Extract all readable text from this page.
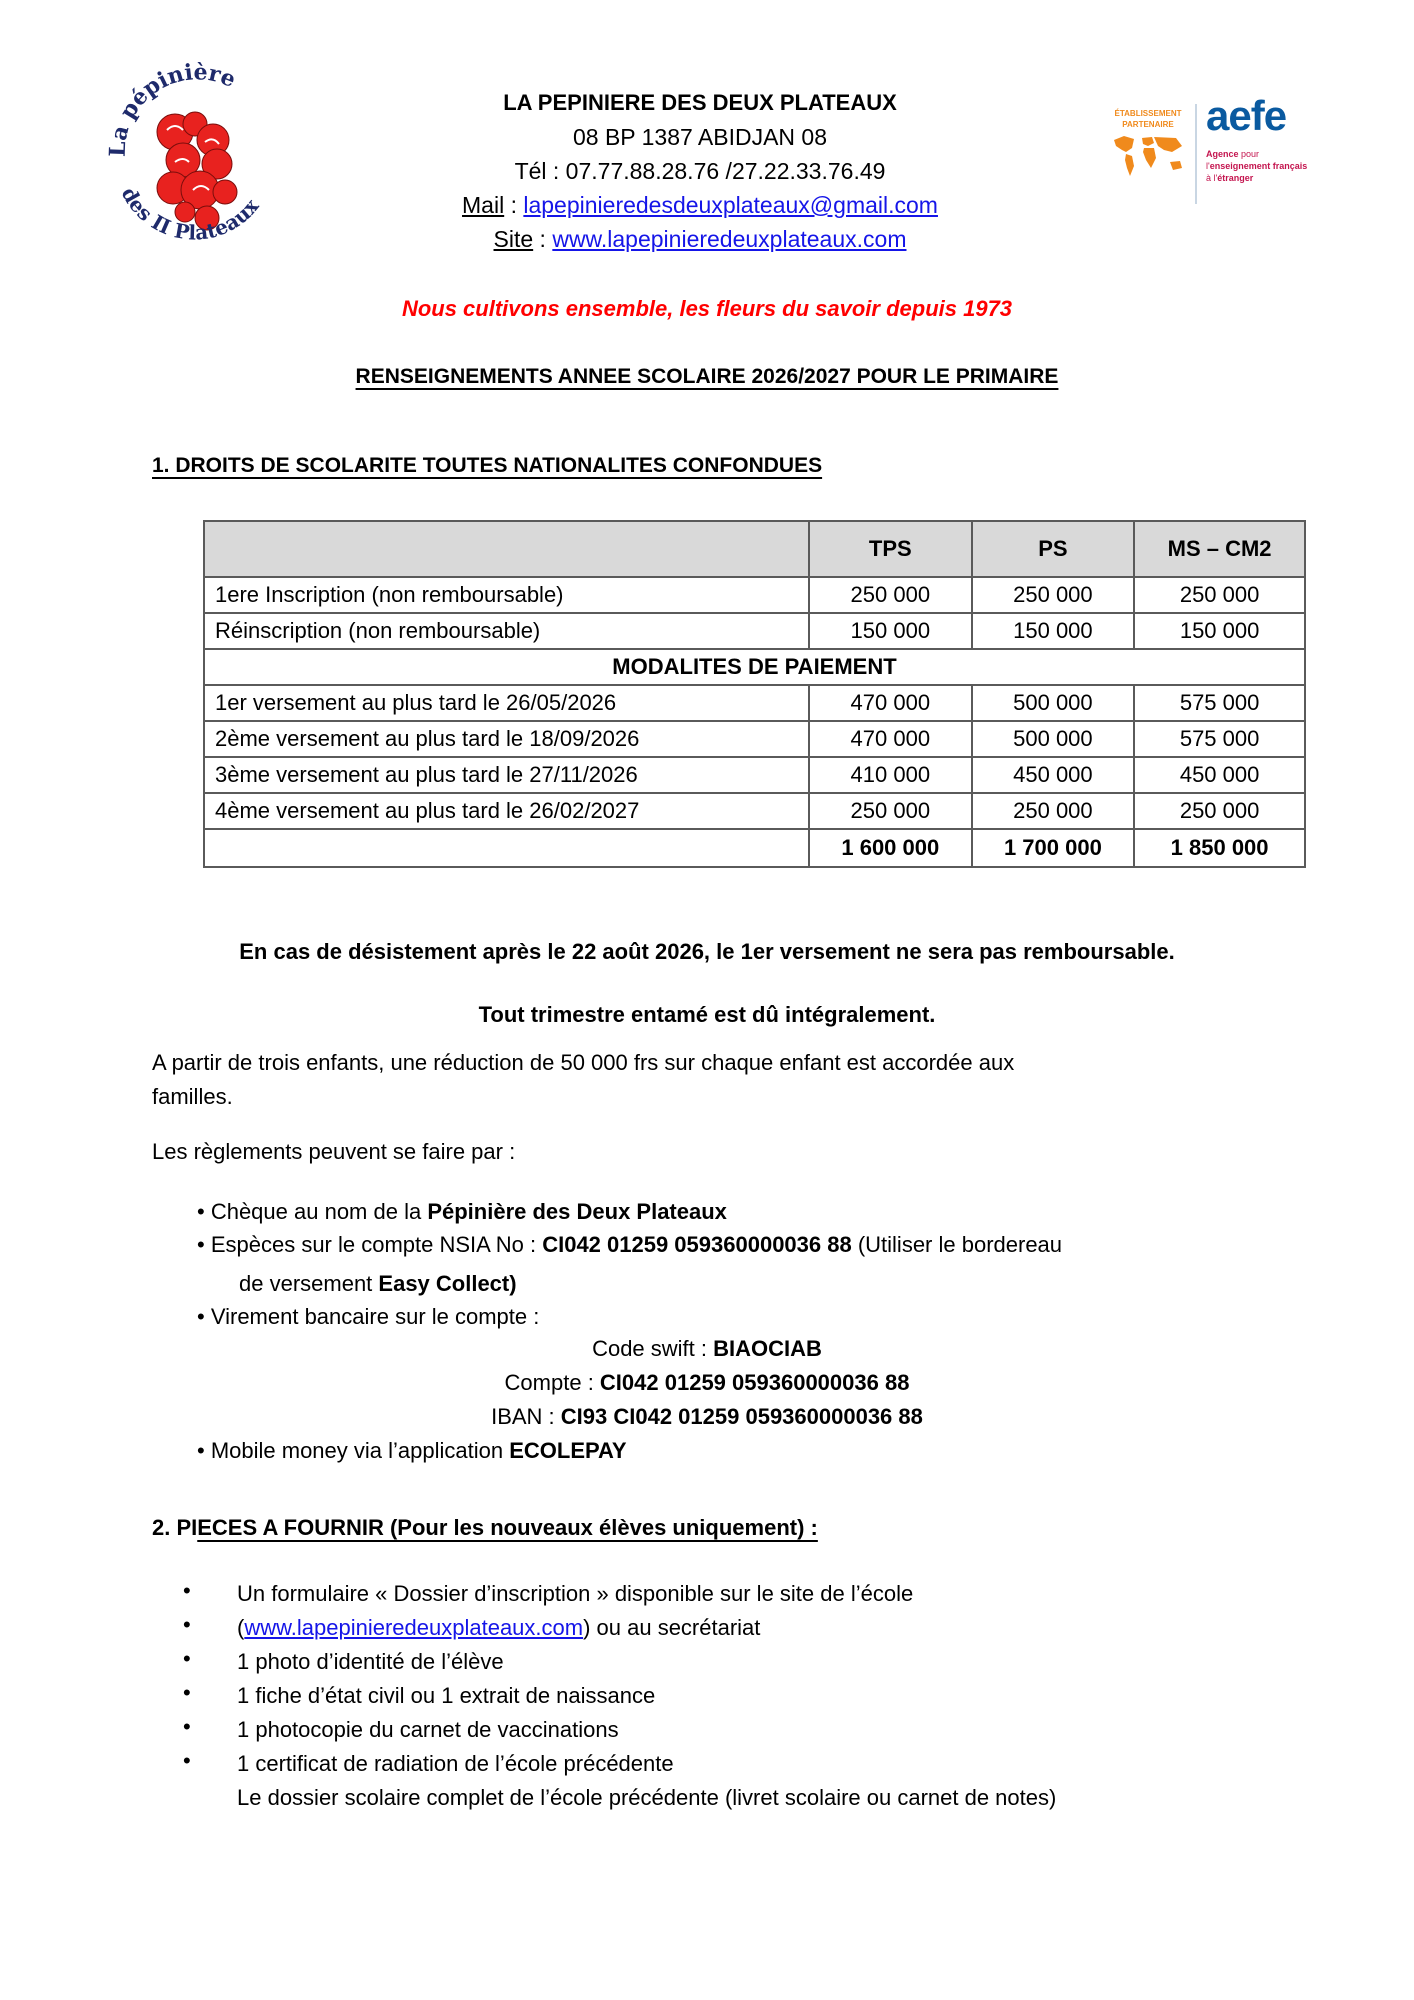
La pépinière
des II Plateaux
LA PEPINIERE DES DEUX PLATEAUX
08 BP 1387 ABIDJAN 08
Tél : 07.77.88.28.76 /27.22.33.76.49
Mail : lapepinieredesdeuxplateaux@gmail.com
Site : www.lapepinieredeuxplateaux.com
ÉTABLISSEMENT
PARTENAIRE aefe
Agence pour
l'enseignement français
à l'étranger
Nous cultivons ensemble, les fleurs du savoir depuis 1973
RENSEIGNEMENTS ANNEE SCOLAIRE 2026/2027 POUR LE PRIMAIRE
1. DROITS DE SCOLARITE TOUTES NATIONALITES CONFONDUES
	TPS	PS	MS – CM2
1ere Inscription (non remboursable)	250 000	250 000	250 000
Réinscription (non remboursable)	150 000	150 000	150 000
MODALITES DE PAIEMENT			
1er versement au plus tard le 26/05/2026	470 000	500 000	575 000
2ème versement au plus tard le 18/09/2026	470 000	500 000	575 000
3ème versement au plus tard le 27/11/2026	410 000	450 000	450 000
4ème versement au plus tard le 26/02/2027	250 000	250 000	250 000
	1 600 000	1 700 000	1 850 000
En cas de désistement après le 22 août 2026, le 1er versement ne sera pas remboursable.
Tout trimestre entamé est dû intégralement.
A partir de trois enfants, une réduction de 50 000 frs sur chaque enfant est accordée aux
familles.
Les règlements peuvent se faire par :
• Chèque au nom de la Pépinière des Deux Plateaux
• Espèces sur le compte NSIA No : CI042 01259 059360000036 88 (Utiliser le bordereau
de versement Easy Collect)
• Virement bancaire sur le compte :
Code swift : BIAOCIAB
Compte : CI042 01259 059360000036 88
IBAN : CI93 CI042 01259 059360000036 88
• Mobile money via l’application ECOLEPAY
2. PIECES A FOURNIR (Pour les nouveaux élèves uniquement) :
•
•
•
•
•
•
Un formulaire « Dossier d’inscription » disponible sur le site de l’école
(www.lapepinieredeuxplateaux.com) ou au secrétariat
1 photo d’identité de l’élève
1 fiche d’état civil ou 1 extrait de naissance
1 photocopie du carnet de vaccinations
1 certificat de radiation de l’école précédente
Le dossier scolaire complet de l’école précédente (livret scolaire ou carnet de notes)
